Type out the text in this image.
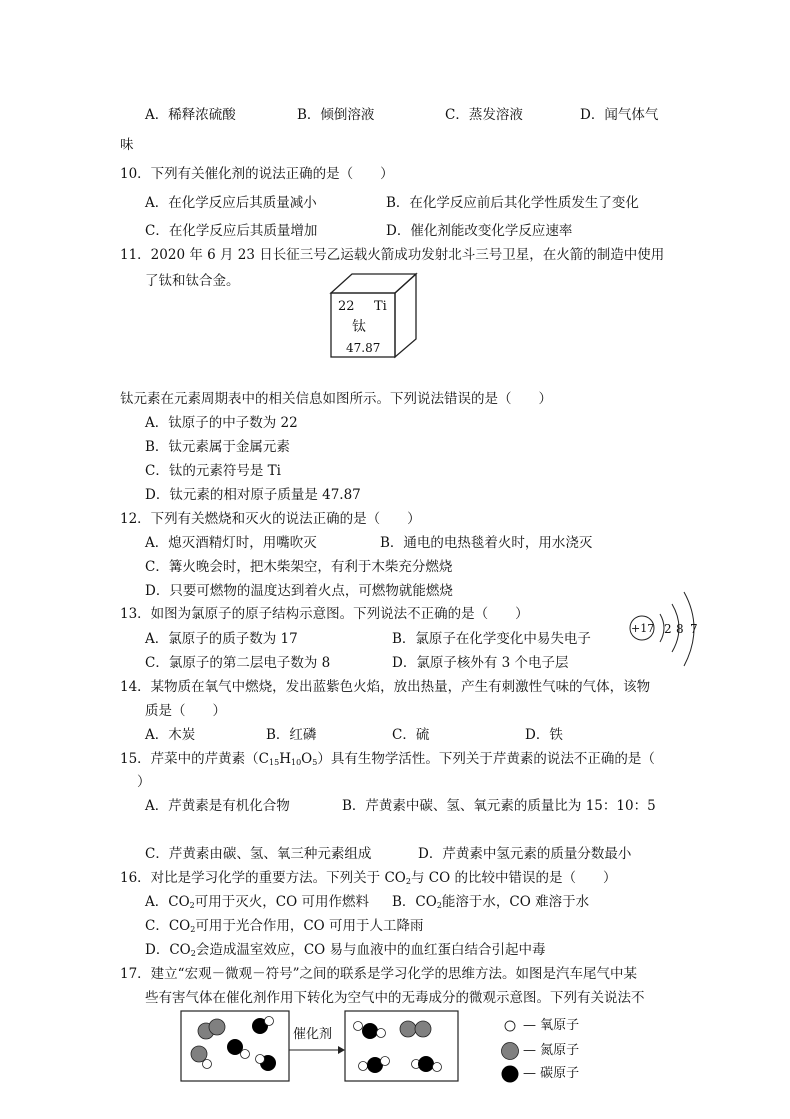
A．稀释浓硫酸	B．倾倒溶液	C．蒸发溶液	D．闻气体气
味
10．下列有关催化剂的说法正确的是（　　）
A．在化学反应后其质量减小	B．在化学反应前后其化学性质发生了变化
C．在化学反应后其质量增加	D．催化剂能改变化学反应速率
11．2020 年 6 月 23 日长征三号乙运载火箭成功发射北斗三号卫星，在火箭的制造中使用
了钛和钛合金。
22 Ti
钛
47.87
钛元素在元素周期表中的相关信息如图所示。下列说法错误的是（　　）
A．钛原子的中子数为 22
B．钛元素属于金属元素
C．钛的元素符号是 Ti
D．钛元素的相对原子质量是 47.87
12．下列有关燃烧和灭火的说法正确的是（　　）
A．熄灭酒精灯时，用嘴吹灭	B．通电的电热毯着火时，用水浇灭
C．篝火晚会时，把木柴架空，有利于木柴充分燃烧
D．只要可燃物的温度达到着火点，可燃物就能燃烧
13．如图为氯原子的原子结构示意图。下列说法不正确的是（　　）
A．氯原子的质子数为 17	B．氯原子在化学变化中易失电子
C．氯原子的第二层电子数为 8	D．氯原子核外有 3 个电子层
+17 2 8 7
14．某物质在氧气中燃烧，发出蓝紫色火焰，放出热量，产生有刺激性气味的气体，该物
质是（　　）
A．木炭	B．红磷	C．硫	D．铁
15．芹菜中的芹黄素$(C_{15}H_{10}O_5)$具有生物学活性。下列关于芹黄素的说法不正确的是（
）
A．芹黄素是有机化合物	B．芹黄素中碳、氢、氧元素的质量比为 15：10：5
C．芹黄素由碳、氢、氧三种元素组成	D．芹黄素中氢元素的质量分数最小
16．对比是学习化学的重要方法。下列关于 $CO_2$与 CO 的比较中错误的是（　　）
A．$CO_2$可用于灭火，CO 可用作燃料 B．$CO_2$能溶于水，CO 难溶于水
C．$CO_2$可用于光合作用，CO 可用于人工降雨
D．$CO_2$会造成温室效应，CO 易与血液中的血红蛋白结合引起中毒
17．建立“宏观－微观－符号”之间的联系是学习化学的思维方法。如图是汽车尾气中某
些有害气体在催化剂作用下转化为空气中的无毒成分的微观示意图。下列有关说法不
催化剂
— 氧原子
— 氮原子
— 碳原子
